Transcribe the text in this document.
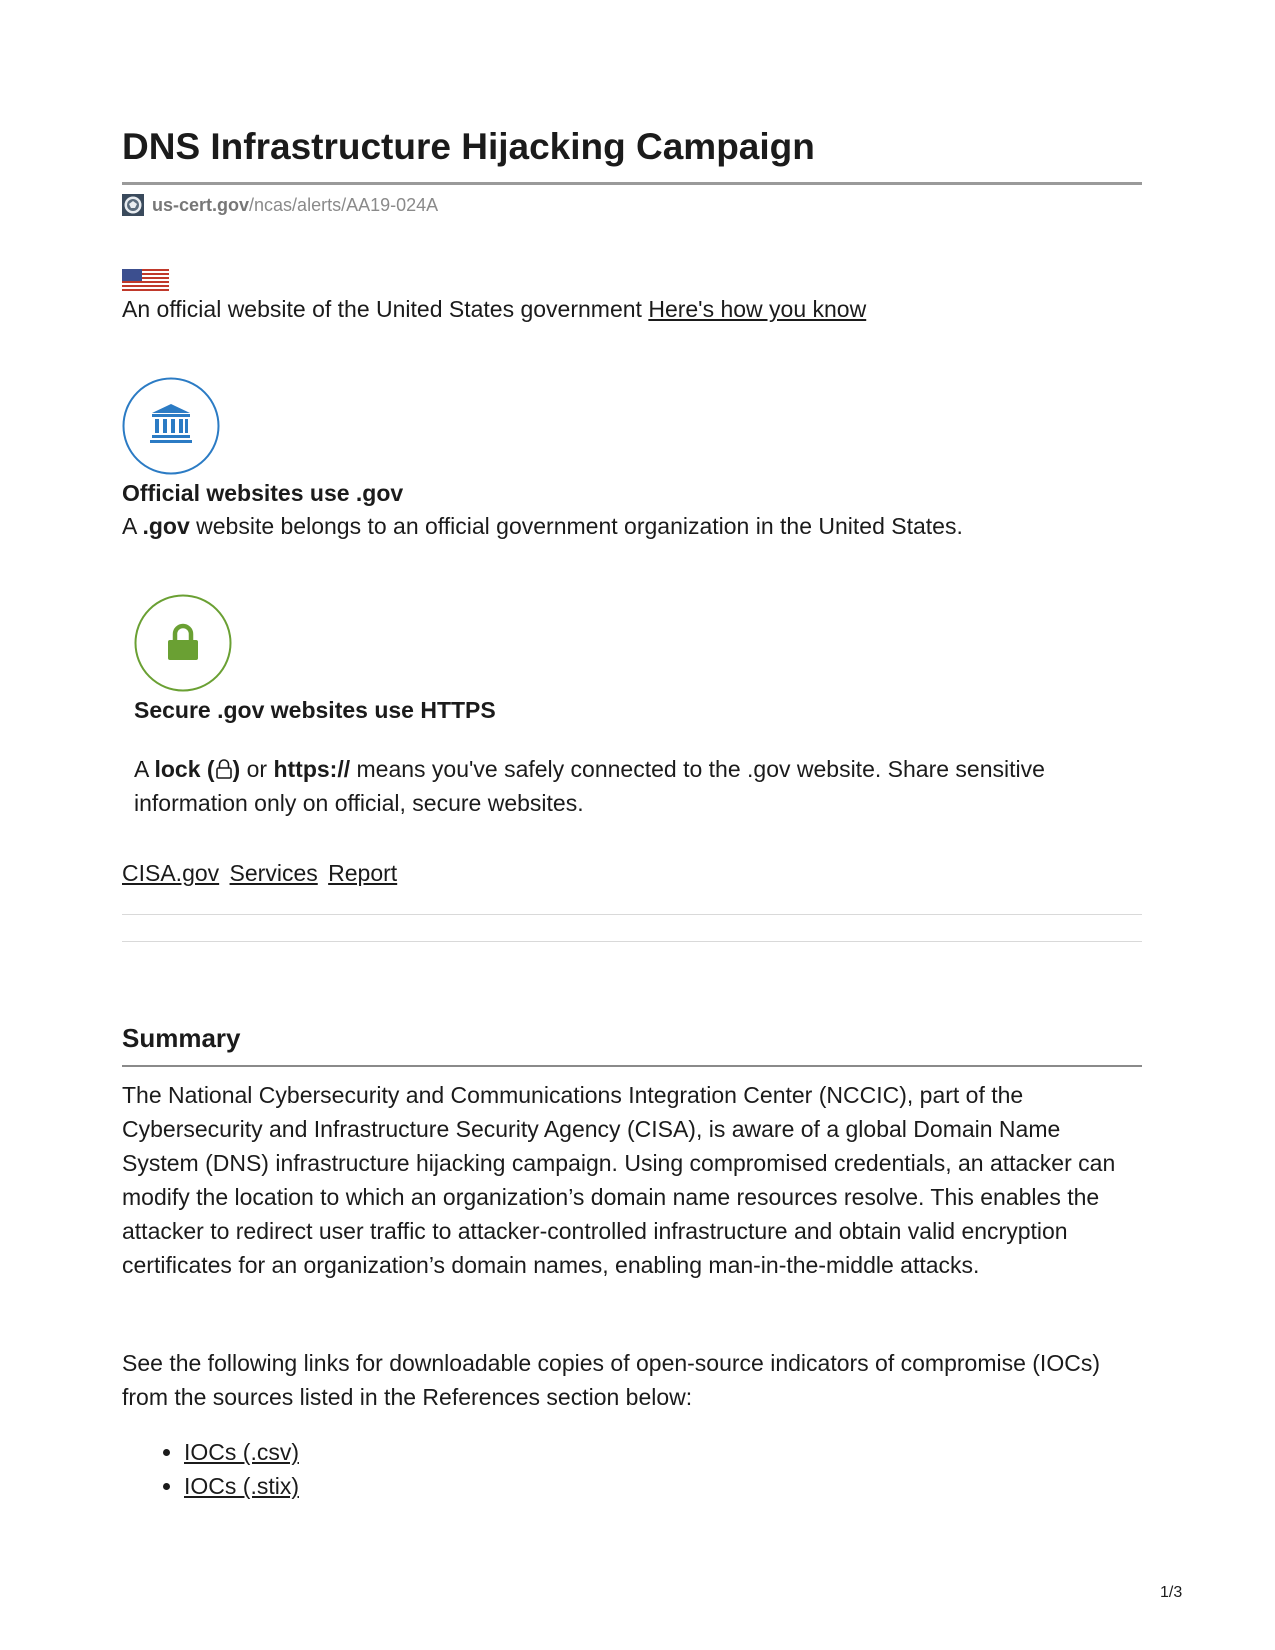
DNS Infrastructure Hijacking Campaign
us-cert.gov /ncas/alerts/AA19-024A
An official website of the United States government Here's how you know
Official websites use .gov
A .gov website belongs to an official government organization in the United States.
Secure .gov websites use HTTPS
A lock ( ) or https:// means you've safely connected to the .gov website. Share sensitive information only on official, secure websites.
CISA.gov Services Report
Summary

The National Cybersecurity and Communications Integration Center (NCCIC), part of the Cybersecurity and Infrastructure Security Agency (CISA), is aware of a global Domain Name System (DNS) infrastructure hijacking campaign. Using compromised credentials, an attacker can modify the location to which an organization’s domain name resources resolve. This enables the attacker to redirect user traffic to attacker-controlled infrastructure and obtain valid encryption certificates for an organization’s domain names, enabling man-in-the-middle attacks.

See the following links for downloadable copies of open-source indicators of compromise (IOCs) from the sources listed in the References section below:

• IOCs (.csv)
• IOCs (.stix)
1/3
